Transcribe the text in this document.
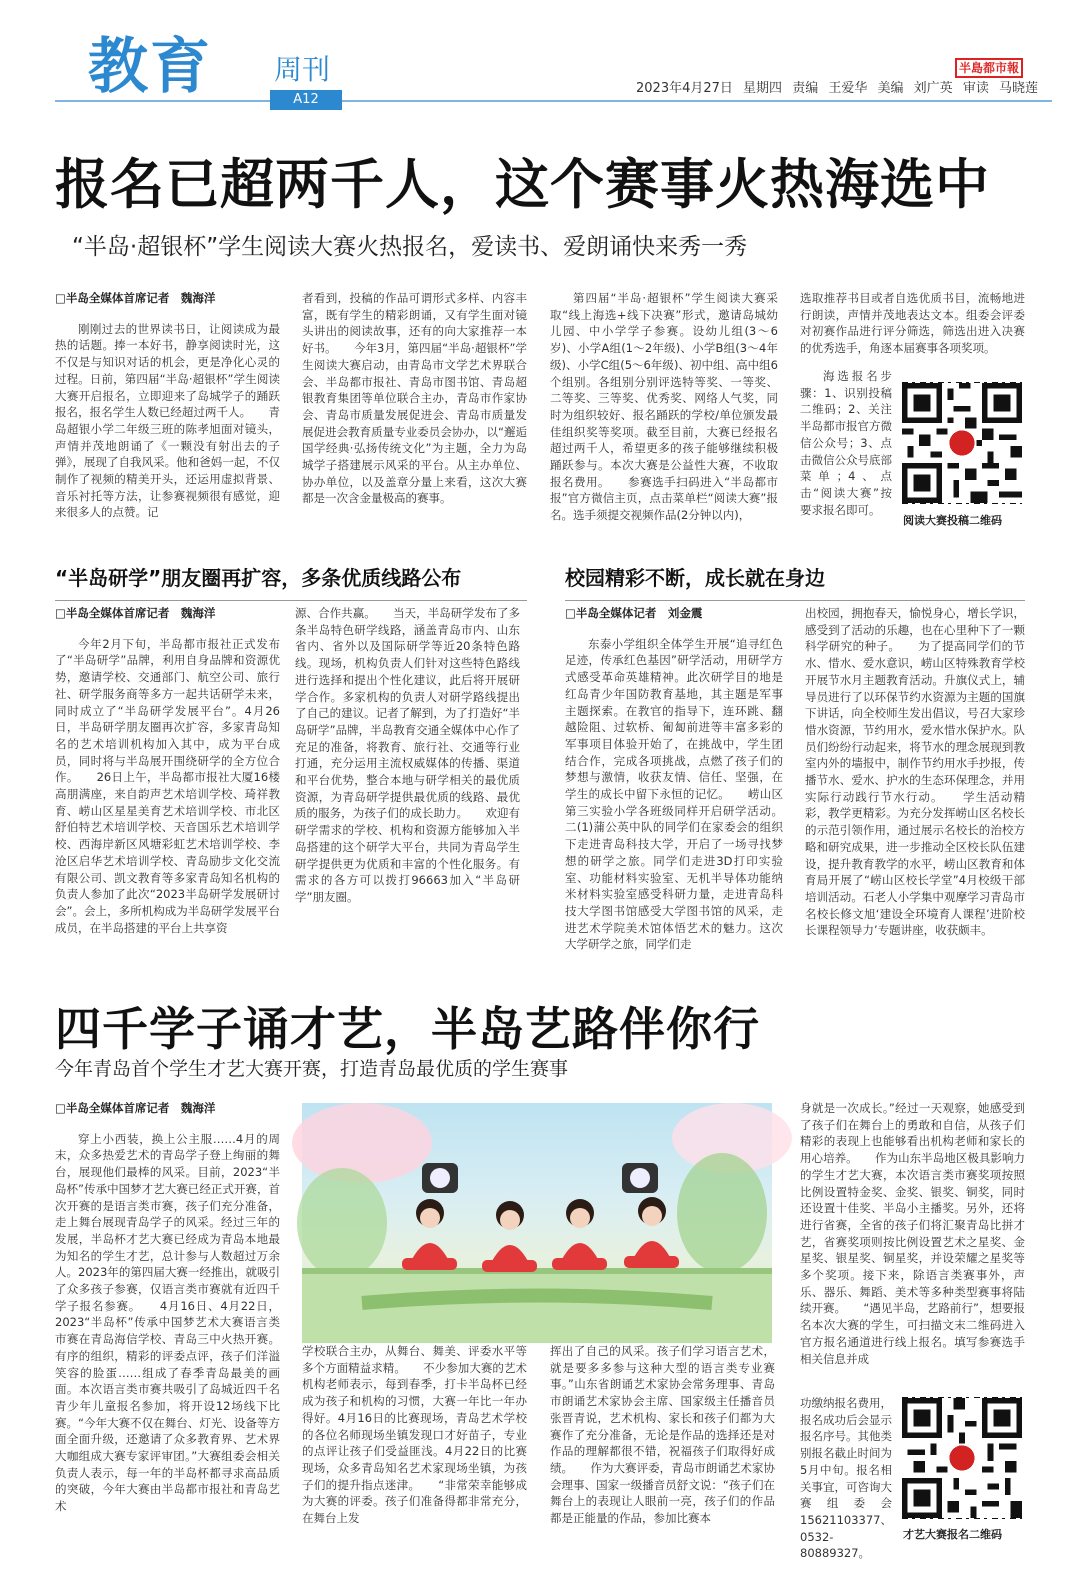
教育 周刊
A12
半島都市報
2023年4月27日 星期四 责编 王爱华 美编 刘广英 审读 马晓莲
报名已超两千人，这个赛事火热海选中
“半岛·超银杯”学生阅读大赛火热报名，爱读书、爱朗诵快来秀一秀

□半岛全媒体首席记者　魏海洋

刚刚过去的世界读书日，让阅读成为最热的话题。捧一本好书，静享阅读时光，这不仅是与知识对话的机会，更是净化心灵的过程。日前，第四届“半岛·超银杯”学生阅读大赛开启报名，立即迎来了岛城学子的踊跃报名，报名学生人数已经超过两千人。　　青岛超银小学二年级三班的陈孝旭面对镜头，声情并茂地朗诵了《一颗没有射出去的子弹》，展现了自我风采。他和爸妈一起，不仅制作了视频的精美开头，还运用虚拟背景、音乐衬托等方法，让参赛视频很有感觉，迎来很多人的点赞。记

者看到，投稿的作品可谓形式多样、内容丰富，既有学生的精彩朗诵，又有学生面对镜头讲出的阅读故事，还有的向大家推荐一本好书。　　今年3月，第四届“半岛·超银杯”学生阅读大赛启动，由青岛市文学艺术界联合会、半岛都市报社、青岛市图书馆、青岛超银教育集团等单位联合主办，青岛市作家协会、青岛市质量发展促进会、青岛市质量发展促进会教育质量专业委员会协办，以“邂逅国学经典·弘扬传统文化”为主题，全力为岛城学子搭建展示风采的平台。从主办单位、协办单位，以及盖章分量上来看，这次大赛都是一次含金量极高的赛事。

第四届“半岛·超银杯”学生阅读大赛采取“线上海选+线下决赛”形式，邀请岛城幼儿园、中小学学子参赛。设幼儿组(3～6岁)、小学A组(1～2年级)、小学B组(3～4年级)、小学C组(5～6年级)、初中组、高中组6个组别。各组别分别评选特等奖、一等奖、二等奖、三等奖、优秀奖、网络人气奖，同时为组织较好、报名踊跃的学校/单位颁发最佳组织奖等奖项。截至目前，大赛已经报名超过两千人，希望更多的孩子能够继续积极踊跃参与。本次大赛是公益性大赛，不收取报名费用。　　参赛选手扫码进入“半岛都市报”官方微信主页，点击菜单栏“阅读大赛”报名。选手须提交视频作品(2分钟以内)，

选取推荐书目或者自选优质书目，流畅地进行朗读，声情并茂地表达文本。组委会评委对初赛作品进行评分筛选，筛选出进入决赛的优秀选手，角逐本届赛事各项奖项。

海选报名步骤：1、识别投稿二维码；2、关注半岛都市报官方微信公众号；3、点击微信公众号底部菜单；4、点击“阅读大赛”按要求报名即可。

阅读大赛投稿二维码
“半岛研学”朋友圈再扩容，多条优质线路公布

□半岛全媒体首席记者　魏海洋

今年2月下旬，半岛都市报社正式发布了“半岛研学”品牌，利用自身品牌和资源优势，邀请学校、交通部门、航空公司、旅行社、研学服务商等多方一起共话研学未来，同时成立了“半岛研学发展平台”。4月26日，半岛研学朋友圈再次扩容，多家青岛知名的艺术培训机构加入其中，成为平台成员，同时将与半岛展开围绕研学的全方位合作。　　26日上午，半岛都市报社大厦16楼高朋满座，来自韵声艺术培训学校、琦祥教育、崂山区星星美育艺术培训学校、市北区舒伯特艺术培训学校、天音国乐艺术培训学校、西海岸新区风塘彩虹艺术培训学校、李沧区启华艺术培训学校、青岛励步文化交流有限公司、凯文教育等多家青岛知名机构的负责人参加了此次“2023半岛研学发展研讨会”。会上，多所机构成为半岛研学发展平台成员，在半岛搭建的平台上共享资

源、合作共赢。　　当天，半岛研学发布了多条半岛特色研学线路，涵盖青岛市内、山东省内、省外以及国际研学等近20条特色路线。现场，机构负责人们针对这些特色路线进行选择和提出个性化建议，此后将开展研学合作。多家机构的负责人对研学路线提出了自己的建议。记者了解到，为了打造好“半岛研学”品牌，半岛教育交通全媒体中心作了充足的准备，将教育、旅行社、交通等行业打通，充分运用主流权威媒体的传播、渠道和平台优势，整合本地与研学相关的最优质资源，为青岛研学提供最优质的线路、最优质的服务，为孩子们的成长助力。　　欢迎有研学需求的学校、机构和资源方能够加入半岛搭建的这个研学大平台，共同为青岛学生研学提供更为优质和丰富的个性化服务。有需求的各方可以拨打96663加入“半岛研学”朋友圈。

校园精彩不断，成长就在身边

□半岛全媒体记者　刘金震

东泰小学组织全体学生开展“追寻红色足迹，传承红色基因”研学活动，用研学方式感受革命英雄精神。此次研学目的地是红岛青少年国防教育基地，其主题是军事主题探索。在教官的指导下，连环跳、翻越险阻、过软桥、匍匐前进等丰富多彩的军事项目体验开始了，在挑战中，学生团结合作，完成各项挑战，点燃了孩子们的梦想与激情，收获友情、信任、坚强，在学生的成长中留下永恒的记忆。　　崂山区第三实验小学各班级同样开启研学活动。二(1)蒲公英中队的同学们在家委会的组织下走进青岛科技大学，开启了一场寻找梦想的研学之旅。同学们走进3D打印实验室、功能材料实验室、无机半导体功能纳米材料实验室感受科研力量，走进青岛科技大学图书馆感受大学图书馆的风采，走进艺术学院美术馆体悟艺术的魅力。这次大学研学之旅，同学们走

出校园，拥抱春天，愉悦身心，增长学识，感受到了活动的乐趣，也在心里种下了一颗科学研究的种子。　　为了提高同学们的节水、惜水、爱水意识，崂山区特殊教育学校开展节水月主题教育活动。升旗仪式上，辅导员进行了以环保节约水资源为主题的国旗下讲话，向全校师生发出倡议，号召大家珍惜水资源，节约用水，爱水惜水保护水。队员们纷纷行动起来，将节水的理念展现到教室内外的墙报中，制作节约用水手抄报，传播节水、爱水、护水的生态环保理念，并用实际行动践行节水行动。　　学生活动精彩，教学更精彩。为充分发挥崂山区名校长的示范引领作用，通过展示名校长的治校方略和研究成果，进一步推动全区校长队伍建设，提升教育教学的水平，崂山区教育和体育局开展了“崂山区校长学堂”4月校级干部培训活动。石老人小学集中观摩学习青岛市名校长修文旭‘建设全环境育人课程’进阶校长课程领导力’专题讲座，收获颇丰。

四千学子诵才艺，半岛艺路伴你行
今年青岛首个学生才艺大赛开赛，打造青岛最优质的学生赛事

□半岛全媒体首席记者　魏海洋

穿上小西装，换上公主服……4月的周末，众多热爱艺术的青岛学子登上绚丽的舞台，展现他们最棒的风采。目前，2023“半岛杯”传承中国梦才艺大赛已经正式开赛，首次开赛的是语言类市赛，孩子们充分准备，走上舞台展现青岛学子的风采。经过三年的发展，半岛杯才艺大赛已经成为青岛本地最为知名的学生才艺，总计参与人数超过万余人。2023年的第四届大赛一经推出，就吸引了众多孩子参赛，仅语言类市赛就有近四千学子报名参赛。　　4月16日、4月22日，2023“半岛杯”传承中国梦艺术大赛语言类市赛在青岛海信学校、青岛三中火热开赛。有序的组织，精彩的评委点评，孩子们洋溢笑容的脸蛋……组成了春季青岛最美的画面。本次语言类市赛共吸引了岛城近四千名青少年儿童报名参加，将开设12场线下比赛。“今年大赛不仅在舞台、灯光、设备等方面全面升级，还邀请了众多教育界、艺术界大咖组成大赛专家评审团。”大赛组委会相关负责人表示，每一年的半岛杯都寻求高品质的突破，今年大赛由半岛都市报社和青岛艺术

学校联合主办，从舞台、舞美、评委水平等多个方面精益求精。　　不少参加大赛的艺术机构老师表示，每到春季，打卡半岛杯已经成为孩子和机构的习惯，大赛一年比一年办得好。4月16日的比赛现场，青岛艺术学校的各位名师现场坐镇发现口才好苗子，专业的点评让孩子们受益匪浅。4月22日的比赛现场，众多青岛知名艺术家现场坐镇，为孩子们的提升指点迷津。　　“非常荣幸能够成为大赛的评委。孩子们准备得都非常充分，在舞台上发

挥出了自己的风采。孩子们学习语言艺术，就是要多多参与这种大型的语言类专业赛事。”山东省朗诵艺术家协会常务理事、青岛市朗诵艺术家协会主席、国家级主任播音员张晋青说，艺术机构、家长和孩子们都为大赛作了充分准备，无论是作品的选择还是对作品的理解都很不错，祝福孩子们取得好成绩。　　作为大赛评委，青岛市朗诵艺术家协会理事、国家一级播音员舒文说：“孩子们在舞台上的表现让人眼前一亮，孩子们的作品都是正能量的作品，参加比赛本

身就是一次成长。”经过一天观察，她感受到了孩子们在舞台上的勇敢和自信，从孩子们精彩的表现上也能够看出机构老师和家长的用心培养。　　作为山东半岛地区极具影响力的学生才艺大赛，本次语言类市赛奖项按照比例设置特金奖、金奖、银奖、铜奖，同时还设置十佳奖、半岛小主播奖。另外，还将进行省赛，全省的孩子们将汇聚青岛比拼才艺，省赛奖项则按比例设置艺术之星奖、金星奖、银星奖、铜星奖，并设荣耀之星奖等多个奖项。接下来，除语言类赛事外，声乐、器乐、舞蹈、美术等多种类型赛事将陆续开赛。　　“遇见半岛，艺路前行”，想要报名本次大赛的学生，可扫描文末二维码进入官方报名通道进行线上报名。填写参赛选手相关信息并成

功缴纳报名费用，报名成功后会显示报名序号。其他类别报名截止时间为5月中旬。报名相关事宜，可咨询大赛组委会15621103377、0532-80889327。

才艺大赛报名二维码
